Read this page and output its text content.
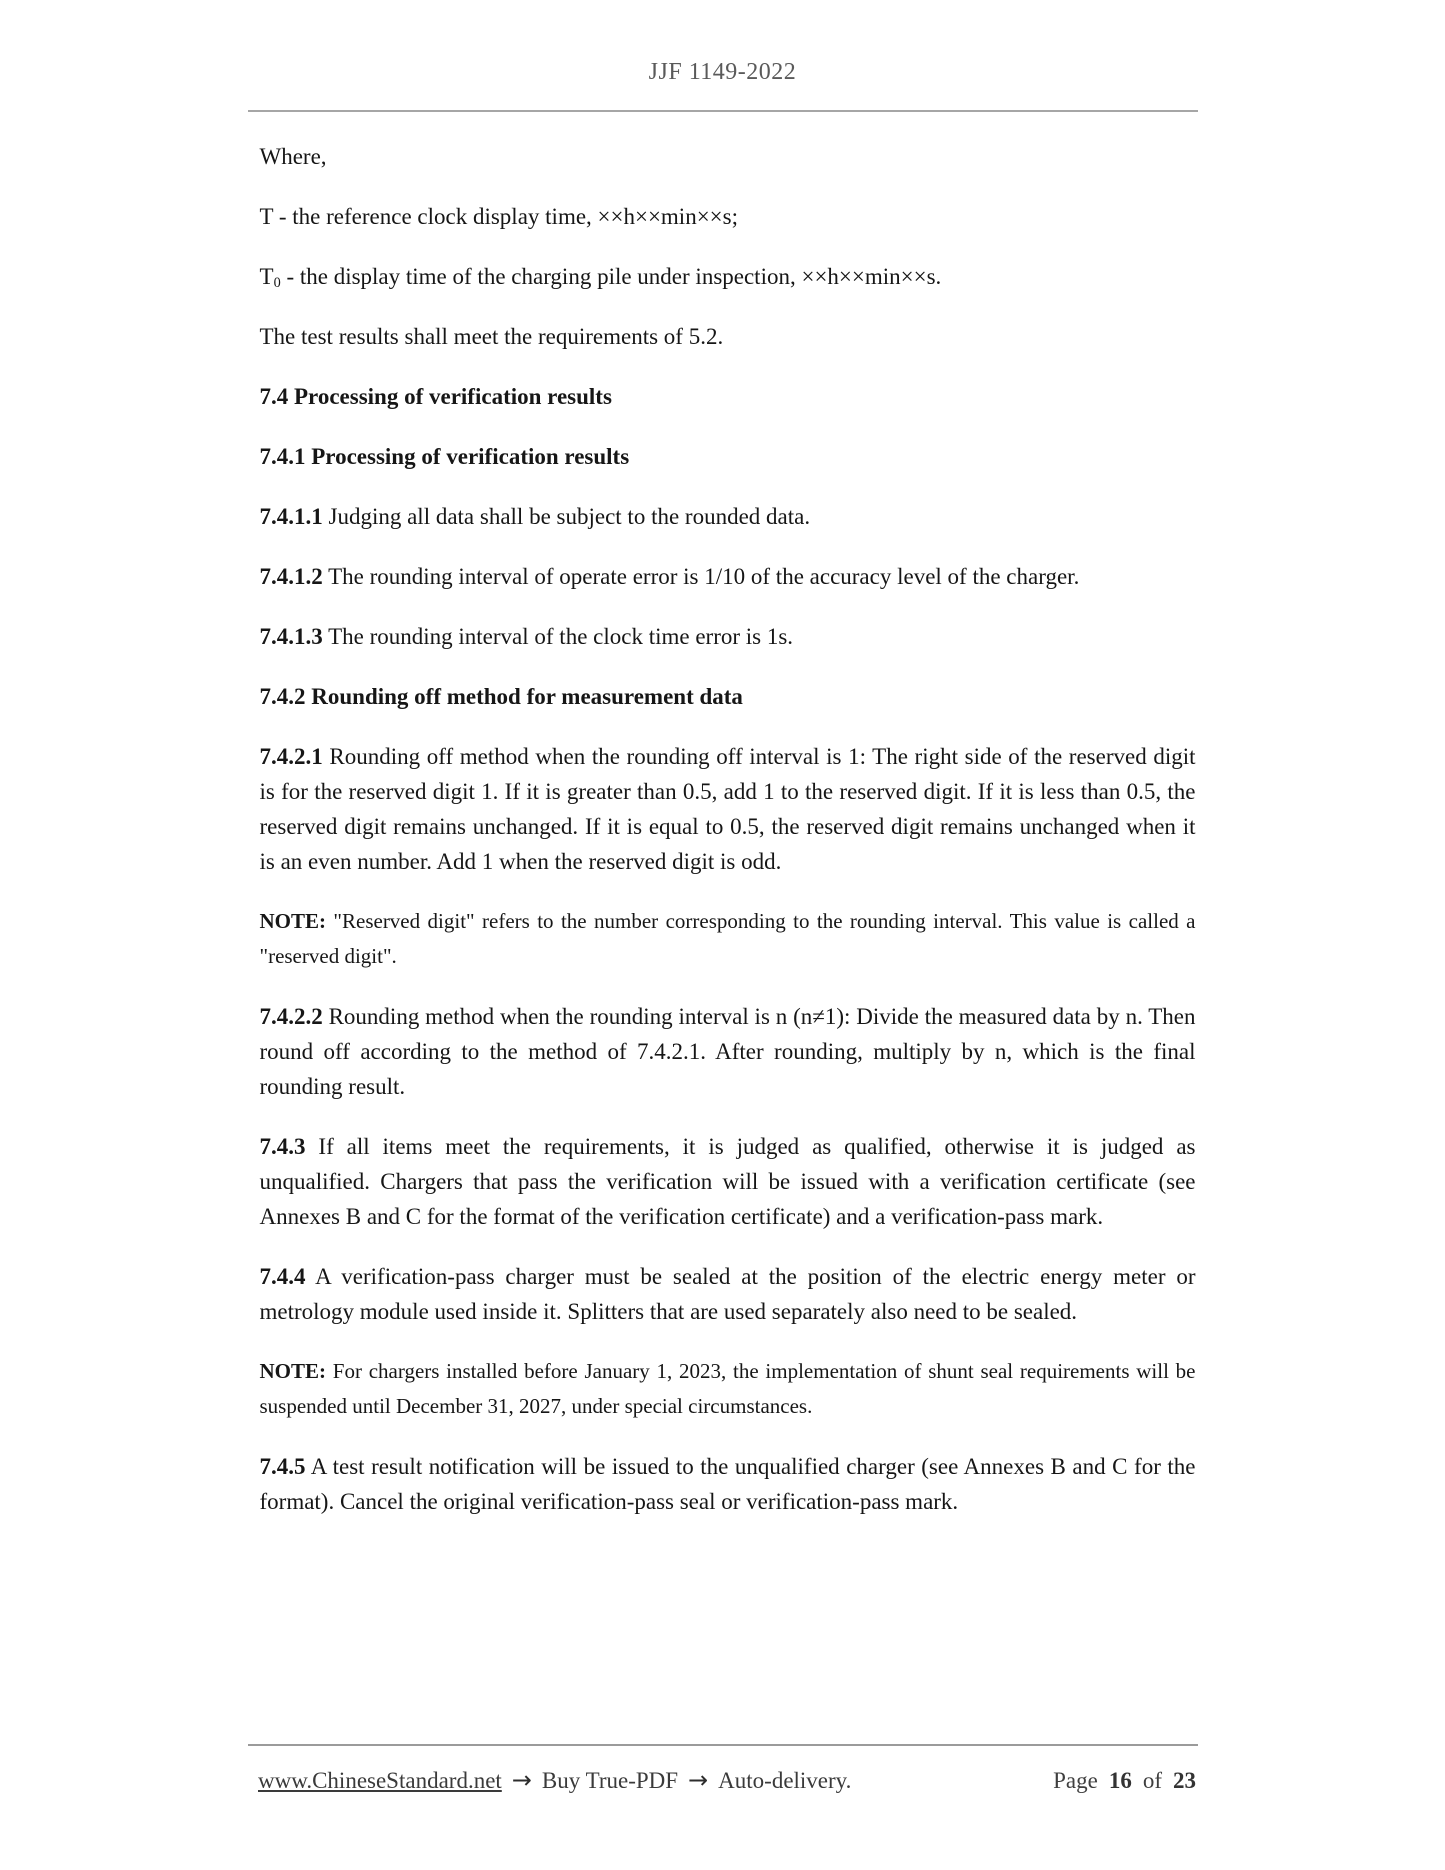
JJF 1149-2022

Where,

T - the reference clock display time, ××h××min××s;

$T_0$ - the display time of the charging pile under inspection, ××h××min××s.

The test results shall meet the requirements of 5.2.

7.4 Processing of verification results

7.4.1 Processing of verification results

7.4.1.1 Judging all data shall be subject to the rounded data.

7.4.1.2 The rounding interval of operate error is 1/10 of the accuracy level of the charger.

7.4.1.3 The rounding interval of the clock time error is 1s.

7.4.2 Rounding off method for measurement data

7.4.2.1 Rounding off method when the rounding off interval is 1: The right side of the reserved digit is for the reserved digit 1. If it is greater than 0.5, add 1 to the reserved digit. If it is less than 0.5, the reserved digit remains unchanged. If it is equal to 0.5, the reserved digit remains unchanged when it is an even number. Add 1 when the reserved digit is odd.

NOTE: "Reserved digit" refers to the number corresponding to the rounding interval. This value is called a "reserved digit".

7.4.2.2 Rounding method when the rounding interval is n (n≠1): Divide the measured data by n. Then round off according to the method of 7.4.2.1. After rounding, multiply by n, which is the final rounding result.

7.4.3 If all items meet the requirements, it is judged as qualified, otherwise it is judged as unqualified. Chargers that pass the verification will be issued with a verification certificate (see Annexes B and C for the format of the verification certificate) and a verification-pass mark.

7.4.4 A verification-pass charger must be sealed at the position of the electric energy meter or metrology module used inside it. Splitters that are used separately also need to be sealed.

NOTE: For chargers installed before January 1, 2023, the implementation of shunt seal requirements will be suspended until December 31, 2027, under special circumstances.

7.4.5 A test result notification will be issued to the unqualified charger (see Annexes B and C for the format). Cancel the original verification-pass seal or verification-pass mark.

www.ChineseStandard.net → Buy True-PDF → Auto-delivery.	Page 16 of 23
